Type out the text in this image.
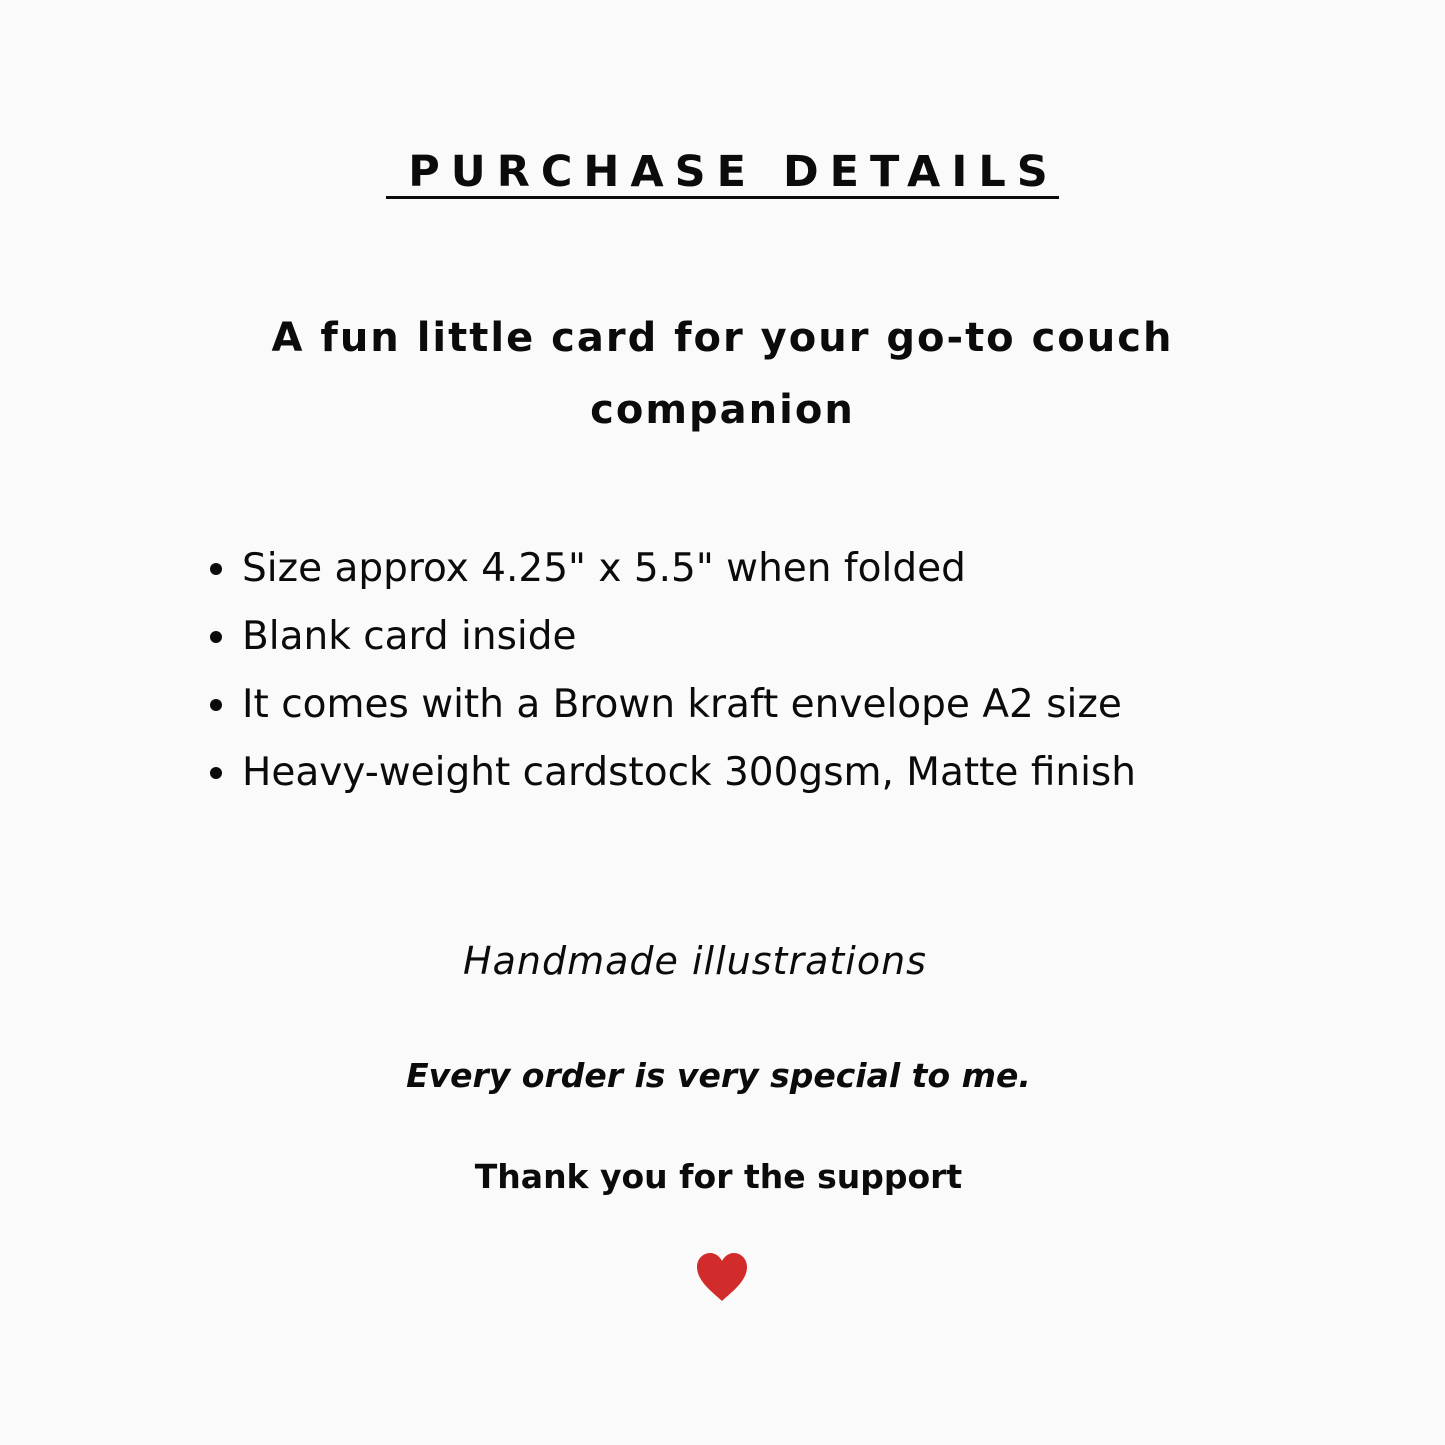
PURCHASE DETAILS

A fun little card for your go-to couch companion

Size approx 4.25" x 5.5" when folded
Blank card inside
It comes with a Brown kraft envelope A2 size
Heavy-weight cardstock 300gsm, Matte finish

Handmade illustrations

Every order is very special to me.

Thank you for the support
